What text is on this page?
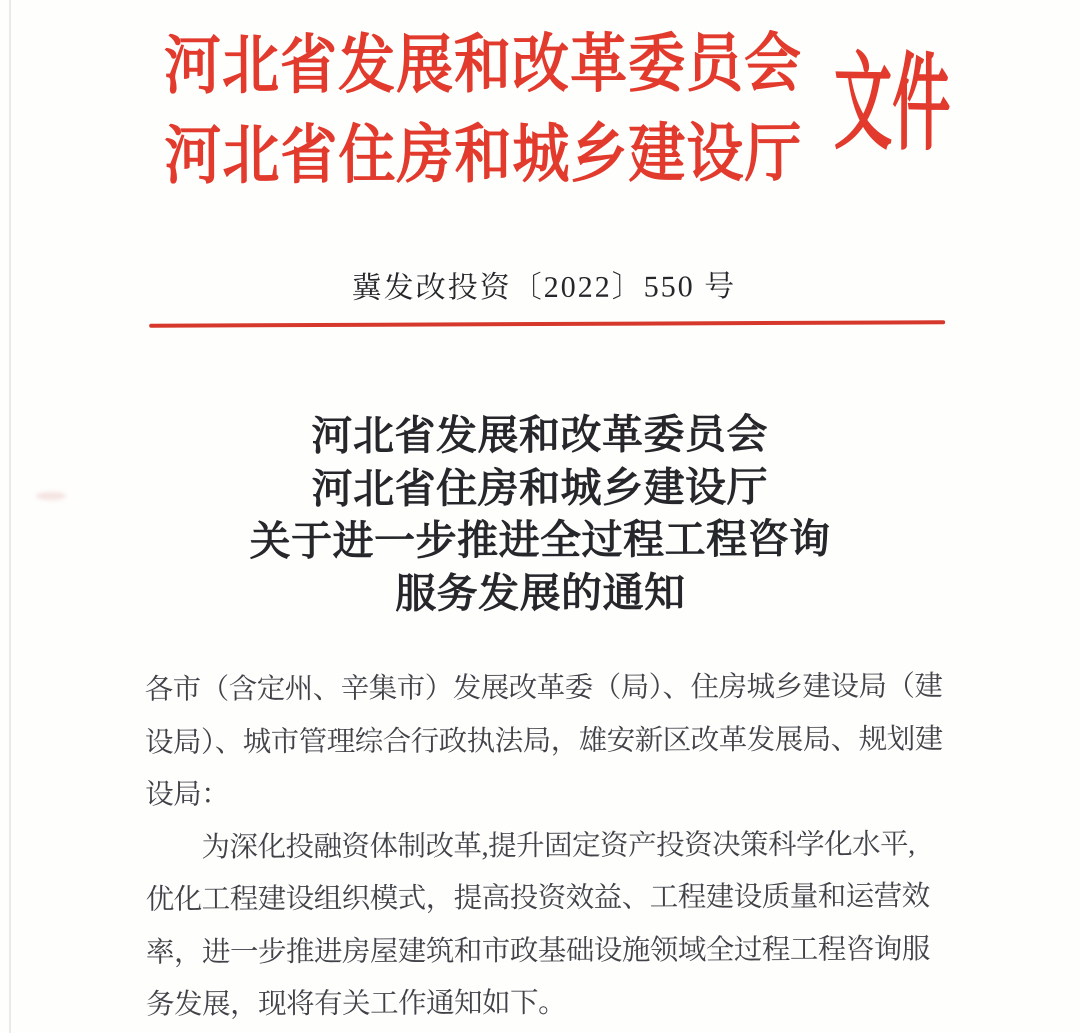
河北省发展和改革委员会
河北省住房和城乡建设厅 文件
冀发改投资〔2022〕550 号
河北省发展和改革委员会
河北省住房和城乡建设厅
关于进一步推进全过程工程咨询
服务发展的通知

各市（含定州、辛集市）发展改革委（局）、住房城乡建设局（建
设局）、城市管理综合行政执法局，雄安新区改革发展局、规划建
设局：

　　为深化投融资体制改革,提升固定资产投资决策科学化水平,
优化工程建设组织模式，提高投资效益、工程建设质量和运营效
率，进一步推进房屋建筑和市政基础设施领域全过程工程咨询服
务发展，现将有关工作通知如下。
